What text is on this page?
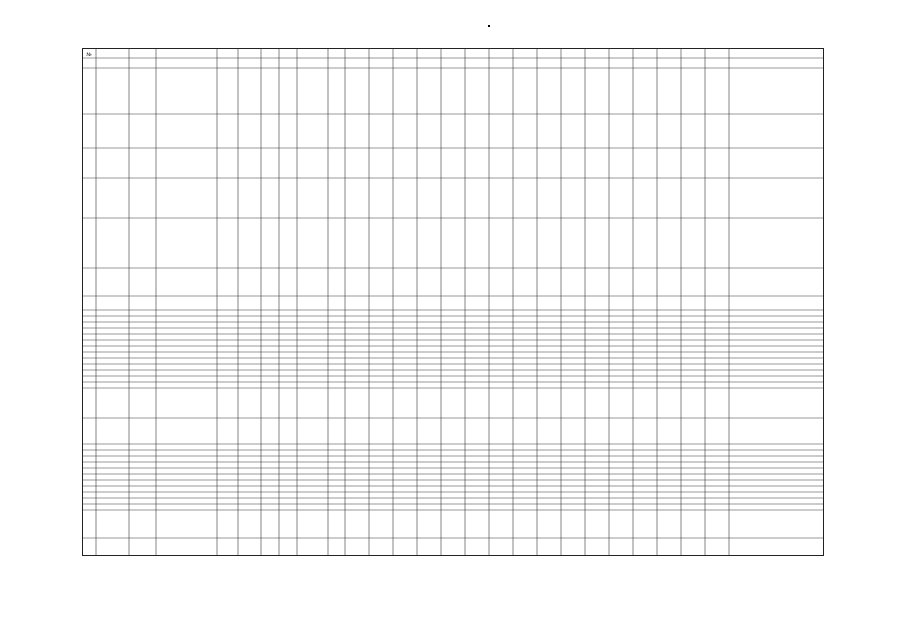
№
